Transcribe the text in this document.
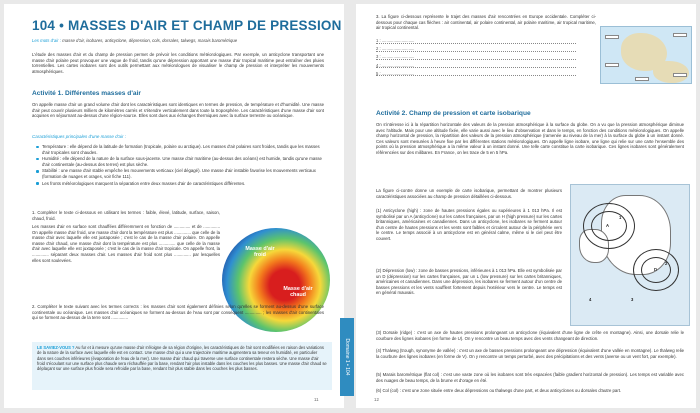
104 • MASSES D'AIR ET CHAMP DE PRESSION
Les mots d'air : masse d'air, isobares, anticyclone, dépression, cols, dorsales, talwegs, marais barométrique
L'étude des masses d'air et du champ de pression permet de prévoir les conditions météorologiques. Par exemple, un anticyclone transportant une masse d'air polaire peut provoquer une vague de froid, tandis qu'une dépression apportant une masse d'air tropical maritime peut entraîner des pluies torrentielles. Les cartes isobares sont des outils permettant aux météorologues de visualiser le champ de pression et interpréter les mouvements atmosphériques.
Activité 1. Différentes masses d'air
On appelle masse d'air un grand volume d'air dont les caractéristiques sont identiques en termes de pression, de température et d'humidité. Une masse d'air peut couvrir plusieurs milliers de kilomètres carrés et s'étendre verticalement dans toute la troposphère. Les caractéristiques d'une masse d'air sont acquises en séjournant au-dessus d'une région-source. Elles sont dues aux échanges thermiques avec la surface terrestre ou océanique.
Caractéristiques principales d'une masse d'air :
Température : elle dépend de la latitude de formation (tropicale, polaire ou arctique). Les masses d'air polaires sont froides, tandis que les masses d'air tropicales sont chaudes.
Humidité : elle dépend de la nature de la surface sous-jacente. Une masse d'air maritime (au-dessus des océans) est humide, tandis qu'une masse d'air continentale (au-dessus des terres) est plus sèche.
Stabilité : une masse d'air stable empêche les mouvements verticaux (ciel dégagé). Une masse d'air instable favorise les mouvements verticaux (formation de nuages et orages, voir fiche 111).
Les fronts météorologiques marquent la séparation entre deux masses d'air de caractéristiques différentes.
1. Compléter le texte ci-dessous en utilisant les termes : faible, élevé, latitude, surface, saison, chaud, froid.
Les masses d'air en surface sont chauffées différemment en fonction de .............. et de .............. On appelle masse d'air froid, une masse d'air dont la température est plus .............. que celle de la masse d'air avec laquelle elle est juxtaposée ; c'est le cas de la masse d'air polaire. On appelle masse d'air chaud, une masse d'air dont la température est plus .............. que celle de la masse d'air avec laquelle elle est juxtaposée ; c'est le cas de la masse d'air tropicale. On appelle front, la .............. séparant deux masses d'air. Les masses d'air froid sont plus .............. par lesquelles elles sont soulevées.
Masse d'air froid
Masse d'air chaud
2. Compléter le texte suivant avec les termes corrects : les masses d'air sont également définies selon qu'elles se forment au-dessus d'une surface continentale ou océanique. Les masses d'air océaniques se forment au-dessus de l'eau sont par conséquent .............. ; les masses d'air continentales qui se forment au-dessus de la terre sont ..............
LE SAVIEZ-VOUS ? Au fur et à mesure qu'une masse d'air s'éloigne de sa région d'origine, les caractéristiques de l'air sont modifiées en raison des variations de la nature de la surface avec laquelle elle est en contact. Une masse d'air qui a une trajectoire maritime augmentera sa teneur en humidité, en particulier dans ses couches inférieures (évaporation de l'eau de la mer). Une masse d'air chaud qui traverse une surface continentale restera sèche. Une masse d'air froid s'écoulant sur une surface plus chaude sera réchauffée par la base, rendant l'air plus instable dans les couches les plus basses. Une masse d'air chaud se déplaçant sur une surface plus froide sera refroidie par la base, rendant l'air plus stable dans les couches les plus basses.
11
Domaine 1 • 104
3. La figure ci-dessous représente le trajet des masses d'air rencontrées en Europe occidentale. Compléter ci-dessous pour chaque cas flèches : air continental, air polaire continental, air polaire maritime, air tropical maritime, air tropical continental.
1 : ............................
2 : ............................
3 : ............................
4 : ............................
5 : ............................
Activité 2. Champ de pression et carte isobarique
On s'intéresse ici à la répartition horizontale des valeurs de la pression atmosphérique à la surface du globe. On a vu que la pression atmosphérique diminue avec l'altitude. Mais pour une altitude fixée, elle varie aussi avec le lieu d'observation et dans le temps, en fonction des conditions météorologiques. On appelle champ horizontal de pression, la répartition des valeurs de la pression atmosphérique (ramenée au niveau de la mer) à la surface du globe à un instant donné. Ces valeurs sont mesurées à heure fixe par les différentes stations météorologiques. On appelle ligne isobare, une ligne qui relie sur une carte l'ensemble des points où la pression atmosphérique a la même valeur à un instant donné. Une telle carte constitue la carte isobarique. Ces lignes isobares sont généralement référencées sur des milibares. En France, on les trace de 5 en 5 hPa.
La figure ci-contre donne un exemple de carte isobarique, permettant de montrer plusieurs caractéristiques associées au champ de pression détaillées ci-dessous.
(1) Anticyclone (high) : zone de hautes pressions égales ou supérieures à 1 013 hPa. Il est symbolisé par un A (anticyclone) sur les cartes françaises, par un H (high pressure) sur les cartes britanniques, américaines et canadiennes. Dans un anticyclone, les isobares se ferment autour d'un centre de hautes pressions et les vents sont faibles et circulent autour de la périphérie vers le centre. Le temps associé à un anticyclone est en général calme, même si le ciel peut être couvert.
(2) Dépression (low) : zone de basses pressions, inférieures à 1 013 hPa. Elle est symbolisée par un D (dépression) sur les cartes françaises, par un L (low pressure) sur les cartes britanniques, américaines et canadiennes. Dans une dépression, les isobares se ferment autour d'un centre de basses pressions et les vents soufflent fortement depuis l'extérieur vers le centre. Le temps est en général mauvais.
(3) Dorsale (ridge) : c'est un axe de hautes pressions prolongeant un anticyclone (équivalent d'une ligne de crête en montagne). Ainsi, une dorsale relie le courbure des lignes isobares (en forme de U). On y rencontre un beau temps avec des vents changeant de direction.
(4) Thalweg (trough, synonyme de vallée) : c'est un axe de basses pressions prolongeant une dépression (équivalent d'une vallée en montagne). Le thalweg relie la courbure des lignes isobares (en forme de V). On y rencontre un temps perturbé, avec des précipitations et des vents (averse ou un vent fort, par exemple).
(5) Marais barométrique (flat col) : c'est une vaste zone où les isobares sont très espacées (faible gradient horizontal de pression). Les temps est variable avec des nuages de beau temps, de la brume et d'orage en été.
(6) Col (col) : c'est une zone située entre deux dépressions ou thalwegs d'une part, et deux anticyclones ou dorsales d'autre part.
A
D
1
2
3
4
12
